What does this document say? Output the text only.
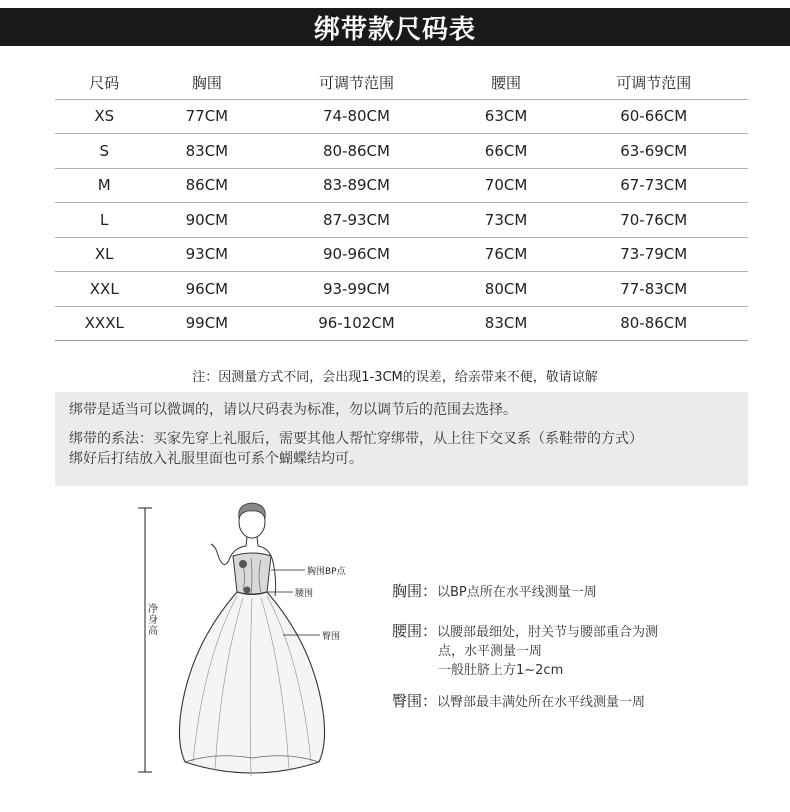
绑带款尺码表
尺码	胸围	可调节范围	腰围	可调节范围
XS	77CM	74-80CM	63CM	60-66CM
S	83CM	80-86CM	66CM	63-69CM
M	86CM	83-89CM	70CM	67-73CM
L	90CM	87-93CM	73CM	70-76CM
XL	93CM	90-96CM	76CM	73-79CM
XXL	96CM	93-99CM	80CM	77-83CM
XXXL	99CM	96-102CM	83CM	80-86CM
注：因测量方式不同，会出现1-3CM的误差，给亲带来不便，敬请谅解

绑带是适当可以微调的，请以尺码表为标准，勿以调节后的范围去选择。

绑带的系法：买家先穿上礼服后，需要其他人帮忙穿绑带，从上往下交叉系（系鞋带的方式）

绑好后打结放入礼服里面也可系个蝴蝶结均可。

净身高
胸围BP点
腰围
臀围
胸围：以BP点所在水平线测量一周
腰围：以腰部最细处，肘关节与腰部重合为测
点，水平测量一周
一般肚脐上方1~2cm
臀围：以臀部最丰满处所在水平线测量一周
